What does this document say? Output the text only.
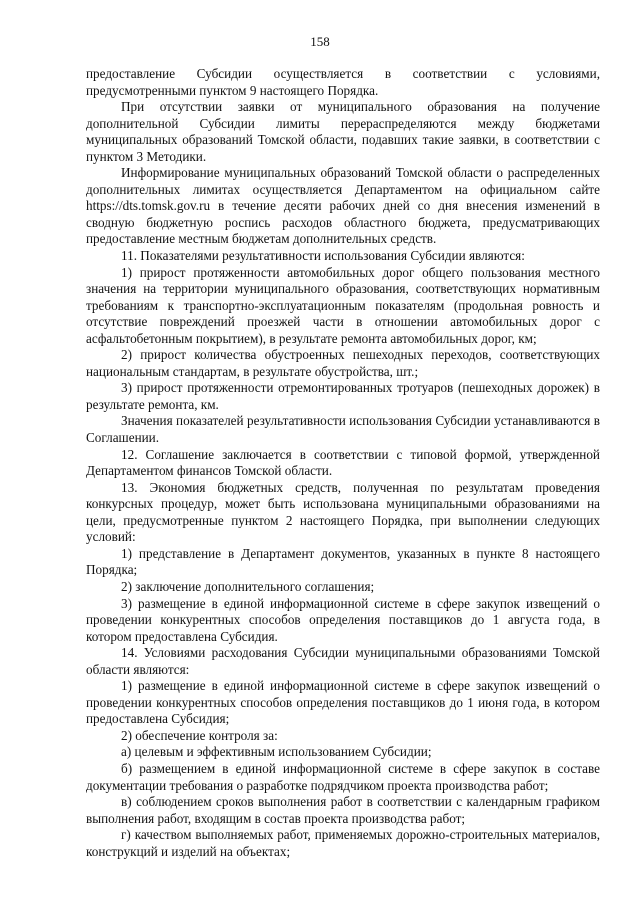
158

предоставление Субсидии осуществляется в соответствии с условиями, предусмотренными пунктом 9 настоящего Порядка.

При отсутствии заявки от муниципального образования на получение дополнительной Субсидии лимиты перераспределяются между бюджетами муниципальных образований Томской области, подавших такие заявки, в соответствии с пунктом 3 Методики.

Информирование муниципальных образований Томской области о распределенных дополнительных лимитах осуществляется Департаментом на официальном сайте https://dts.tomsk.gov.ru в течение десяти рабочих дней со дня внесения изменений в сводную бюджетную роспись расходов областного бюджета, предусматривающих предоставление местным бюджетам дополнительных средств.

11. Показателями результативности использования Субсидии являются:

1) прирост протяженности автомобильных дорог общего пользования местного значения на территории муниципального образования, соответствующих нормативным требованиям к транспортно-эксплуатационным показателям (продольная ровность и отсутствие повреждений проезжей части в отношении автомобильных дорог с асфальтобетонным покрытием), в результате ремонта автомобильных дорог, км;

2) прирост количества обустроенных пешеходных переходов, соответствующих национальным стандартам, в результате обустройства, шт.;

3) прирост протяженности отремонтированных тротуаров (пешеходных дорожек) в результате ремонта, км.

Значения показателей результативности использования Субсидии устанавливаются в Соглашении.

12. Соглашение заключается в соответствии с типовой формой, утвержденной Департаментом финансов Томской области.

13. Экономия бюджетных средств, полученная по результатам проведения конкурсных процедур, может быть использована муниципальными образованиями на цели, предусмотренные пунктом 2 настоящего Порядка, при выполнении следующих условий:

1) представление в Департамент документов, указанных в пункте 8 настоящего Порядка;

2) заключение дополнительного соглашения;

3) размещение в единой информационной системе в сфере закупок извещений о проведении конкурентных способов определения поставщиков до 1 августа года, в котором предоставлена Субсидия.

14. Условиями расходования Субсидии муниципальными образованиями Томской области являются:

1) размещение в единой информационной системе в сфере закупок извещений о проведении конкурентных способов определения поставщиков до 1 июня года, в котором предоставлена Субсидия;

2) обеспечение контроля за:

а) целевым и эффективным использованием Субсидии;

б) размещением в единой информационной системе в сфере закупок в составе документации требования о разработке подрядчиком проекта производства работ;

в) соблюдением сроков выполнения работ в соответствии с календарным графиком выполнения работ, входящим в состав проекта производства работ;

г) качеством выполняемых работ, применяемых дорожно-строительных материалов, конструкций и изделий на объектах;
